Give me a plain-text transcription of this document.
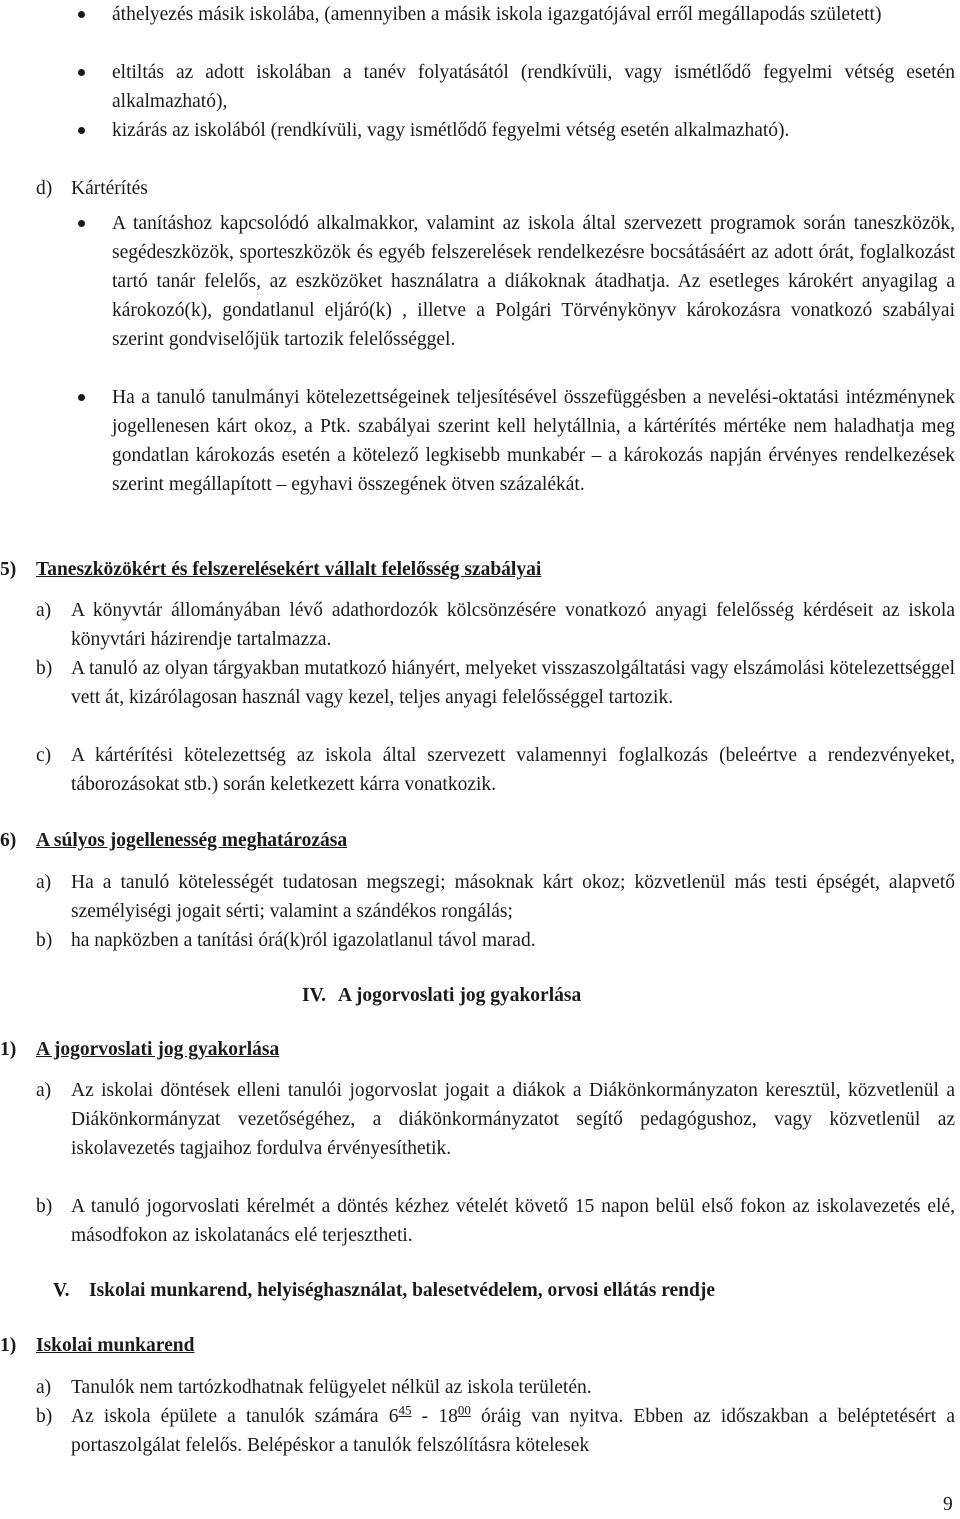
áthelyezés másik iskolába, (amennyiben a másik iskola igazgatójával erről megállapodás született)
eltiltás az adott iskolában a tanév folyatásától (rendkívüli, vagy ismétlődő fegyelmi vétség esetén alkalmazható),
kizárás az iskolából (rendkívüli, vagy ismétlődő fegyelmi vétség esetén alkalmazható).
d) Kártérítés
A tanításhoz kapcsolódó alkalmakkor, valamint az iskola által szervezett programok során taneszközök, segédeszközök, sporteszközök és egyéb felszerelések rendelkezésre bocsátásáért az adott órát, foglalkozást tartó tanár felelős, az eszközöket használatra a diákoknak átadhatja. Az esetleges károkért anyagilag a károkozó(k), gondatlanul eljáró(k) , illetve a Polgári Törvénykönyv károkozásra vonatkozó szabályai szerint gondviselőjük tartozik felelősséggel.
Ha a tanuló tanulmányi kötelezettségeinek teljesítésével összefüggésben a nevelési-oktatási intézménynek jogellenesen kárt okoz, a Ptk. szabályai szerint kell helytállnia, a kártérítés mértéke nem haladhatja meg gondatlan károkozás esetén a kötelező legkisebb munkabér – a károkozás napján érvényes rendelkezések szerint megállapított – egyhavi összegének ötven százalékát.
5) Taneszközökért és felszerelésekért vállalt felelősség szabályai
a) A könyvtár állományában lévő adathordozók kölcsönzésére vonatkozó anyagi felelősség kérdéseit az iskola könyvtári házirendje tartalmazza.
b) A tanuló az olyan tárgyakban mutatkozó hiányért, melyeket visszaszolgáltatási vagy elszámolási kötelezettséggel vett át, kizárólagosan használ vagy kezel, teljes anyagi felelősséggel tartozik.
c) A kártérítési kötelezettség az iskola által szervezett valamennyi foglalkozás (beleértve a rendezvényeket, táborozásokat stb.) során keletkezett kárra vonatkozik.
6) A súlyos jogellenesség meghatározása
a) Ha a tanuló kötelességét tudatosan megszegi; másoknak kárt okoz; közvetlenül más testi épségét, alapvető személyiségi jogait sérti; valamint a szándékos rongálás;
b) ha napközben a tanítási órá(k)ról igazolatlanul távol marad.
IV. A jogorvoslati jog gyakorlása
1) A jogorvoslati jog gyakorlása
a) Az iskolai döntések elleni tanulói jogorvoslat jogait a diákok a Diákönkormányzaton keresztül, közvetlenül a Diákönkormányzat vezetőségéhez, a diákönkormányzatot segítő pedagógushoz, vagy közvetlenül az iskolavezetés tagjaihoz fordulva érvényesíthetik.
b) A tanuló jogorvoslati kérelmét a döntés kézhez vételét követő 15 napon belül első fokon az iskolavezetés elé, másodfokon az iskolatanács elé terjesztheti.
V. Iskolai munkarend, helyiséghasználat, balesetvédelem, orvosi ellátás rendje
1) Iskolai munkarend
a) Tanulók nem tartózkodhatnak felügyelet nélkül az iskola területén.
b) Az iskola épülete a tanulók számára $6^{45} - 18^{00}$ óráig van nyitva. Ebben az időszakban a beléptetésért a portaszolgálat felelős. Belépéskor a tanulók felszólításra kötelesek
9
